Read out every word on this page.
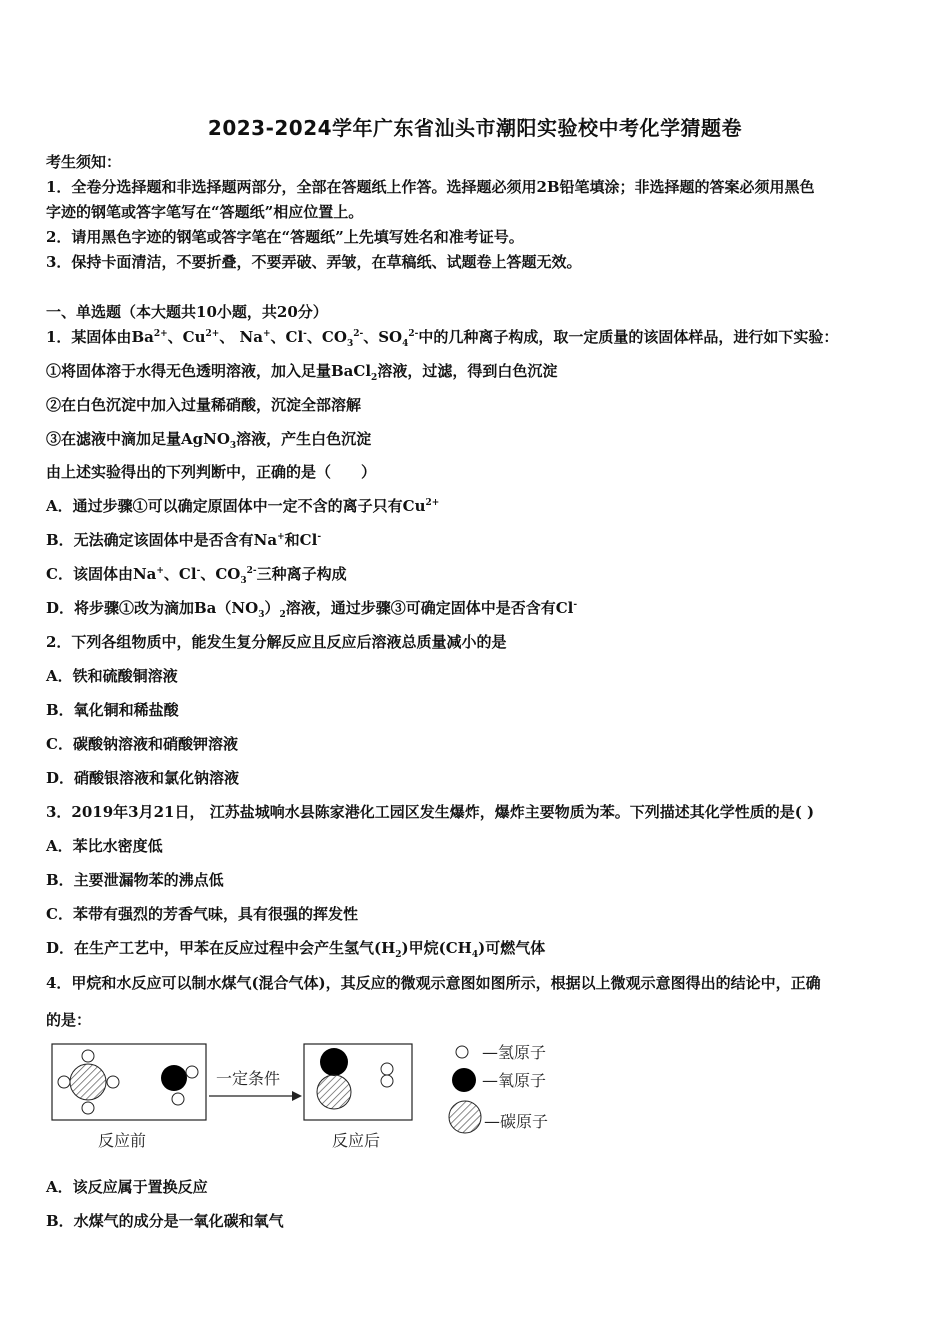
2023-2024学年广东省汕头市潮阳实验校中考化学猜题卷
考生须知：
1．全卷分选择题和非选择题两部分，全部在答题纸上作答。选择题必须用2B铅笔填涂；非选择题的答案必须用黑色
字迹的钢笔或答字笔写在“答题纸”相应位置上。
2．请用黑色字迹的钢笔或答字笔在“答题纸”上先填写姓名和准考证号。
3．保持卡面清洁，不要折叠，不要弄破、弄皱，在草稿纸、试题卷上答题无效。
一、单选题（本大题共10小题，共20分）
1．某固体由$Ba^{2+}$、$Cu^{2+}$、 Na+、Cl-、$CO_3^{2-}$、$SO_4^{2-}$中的几种离子构成，取一定质量的该固体样品，进行如下实验：
①将固体溶于水得无色透明溶液，加入足量BaCl$_2$溶液，过滤，得到白色沉淀
②在白色沉淀中加入过量稀硝酸，沉淀全部溶解
③在滤液中滴加足量AgNO$_3$溶液，产生白色沉淀
由上述实验得出的下列判断中，正确的是（　　）
A．通过步骤①可以确定原固体中一定不含的离子只有$Cu^{2+}$
B．无法确定该固体中是否含有Na+和Cl-
C．该固体由Na+、Cl-、$CO_3^{2-}$三种离子构成
D．将步骤①改为滴加$Ba(NO_3)_2$溶液，通过步骤③可确定固体中是否含有Cl-
2．下列各组物质中，能发生复分解反应且反应后溶液总质量减小的是
A．铁和硫酸铜溶液
B．氧化铜和稀盐酸
C．碳酸钠溶液和硝酸钾溶液
D．硝酸银溶液和氯化钠溶液
3．2019年3月21日， 江苏盐城响水县陈家港化工园区发生爆炸，爆炸主要物质为苯。下列描述其化学性质的是( )
A．苯比水密度低
B．主要泄漏物苯的沸点低
C．苯带有强烈的芳香气味，具有很强的挥发性
D．在生产工艺中，甲苯在反应过程中会产生氢气$(H_2)$甲烷$(CH_4)$可燃气体
4．甲烷和水反应可以制水煤气(混合气体)，其反应的微观示意图如图所示，根据以上微观示意图得出的结论中，正确
的是：
一定条件
反应前	反应后
—氢原子
—氧原子
—碳原子
A．该反应属于置换反应
B．水煤气的成分是一氧化碳和氧气
